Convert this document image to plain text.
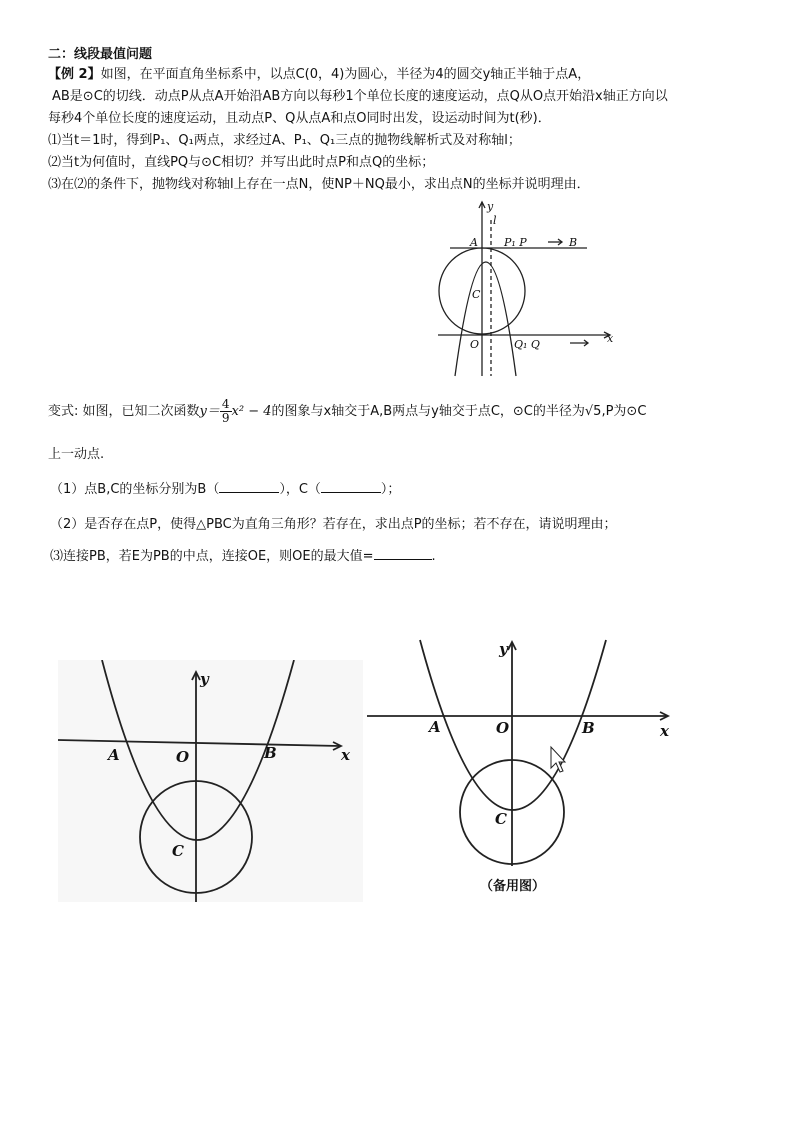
二：线段最值问题
【例 2】如图，在平面直角坐标系中，以点C(0，4)为圆心，半径为4的圆交y轴正半轴于点A，
AB是⊙C的切线．动点P从点A开始沿AB方向以每秒1个单位长度的速度运动，点Q从O点开始沿x轴正方向以
每秒4个单位长度的速度运动，且动点P、Q从点A和点O同时出发，设运动时间为t(秒)．
⑴当t＝1时，得到P₁、Q₁两点，求经过A、P₁、Q₁三点的抛物线解析式及对称轴l；
⑵当t为何值时，直线PQ与⊙C相切？并写出此时点P和点Q的坐标；
⑶在⑵的条件下，抛物线对称轴l上存在一点N，使NP＋NQ最小，求出点N的坐标并说明理由．
y
l
A P₁ P	B
C
O	Q₁ Q	x
变式: 如图，已知二次函数$y= \frac{4}{9} x^2 - 4$的图象与x轴交于A,B两点与y轴交于点C，⊙C的半径为√5,P为⊙C
上一动点.
（1）点B,C的坐标分别为B（	），C（	）；
（2）是否存在点P，使得△PBC为直角三角形？若存在，求出点P的坐标；若不存在，请说明理由；
⑶连接PB，若E为PB的中点，连接OE，则OE的最大值=	.
y
A	O	B	x
C
y
A	O	B	x
C
（备用图）
